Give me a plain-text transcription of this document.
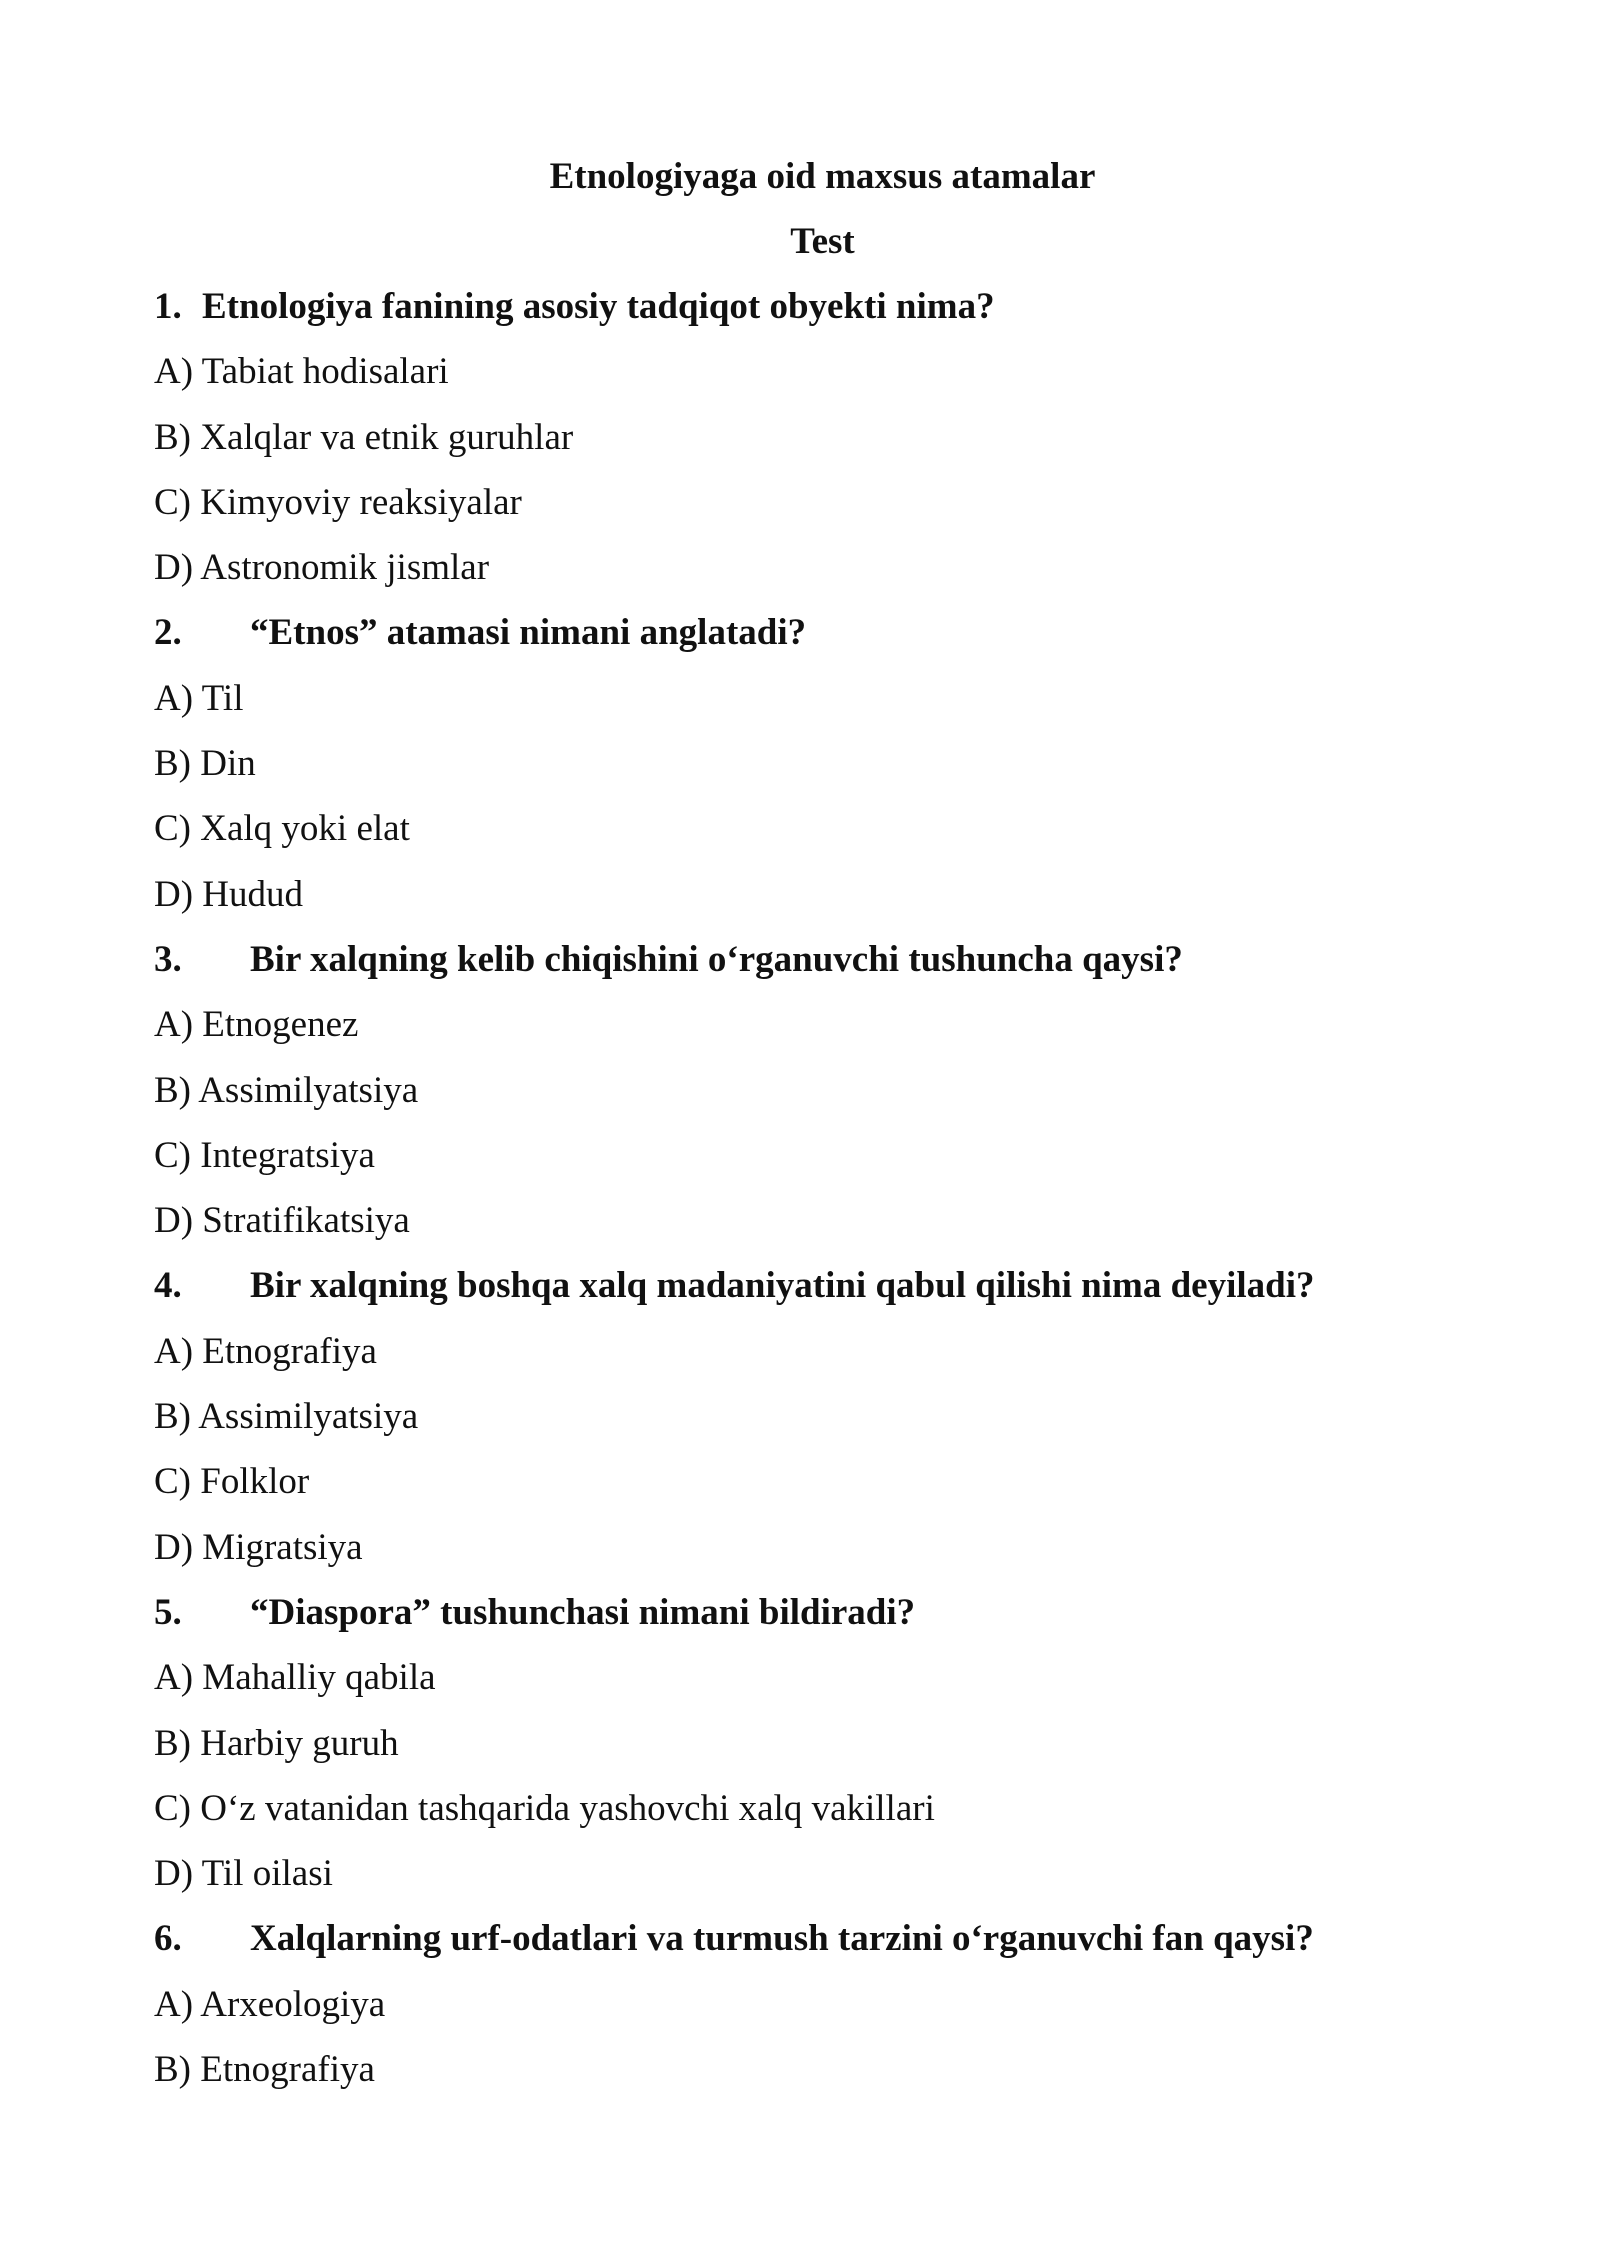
Etnologiyaga oid maxsus atamalar
Test
1. Etnologiya fanining asosiy tadqiqot obyekti nima?
A) Tabiat hodisalari
B) Xalqlar va etnik guruhlar
C) Kimyoviy reaksiyalar
D) Astronomik jismlar
2. “Etnos” atamasi nimani anglatadi?
A) Til
B) Din
C) Xalq yoki elat
D) Hudud
3. Bir xalqning kelib chiqishini o‘rganuvchi tushuncha qaysi?
A) Etnogenez
B) Assimilyatsiya
C) Integratsiya
D) Stratifikatsiya
4. Bir xalqning boshqa xalq madaniyatini qabul qilishi nima deyiladi?
A) Etnografiya
B) Assimilyatsiya
C) Folklor
D) Migratsiya
5. “Diaspora” tushunchasi nimani bildiradi?
A) Mahalliy qabila
B) Harbiy guruh
C) O‘z vatanidan tashqarida yashovchi xalq vakillari
D) Til oilasi
6. Xalqlarning urf-odatlari va turmush tarzini o‘rganuvchi fan qaysi?
A) Arxeologiya
B) Etnografiya
